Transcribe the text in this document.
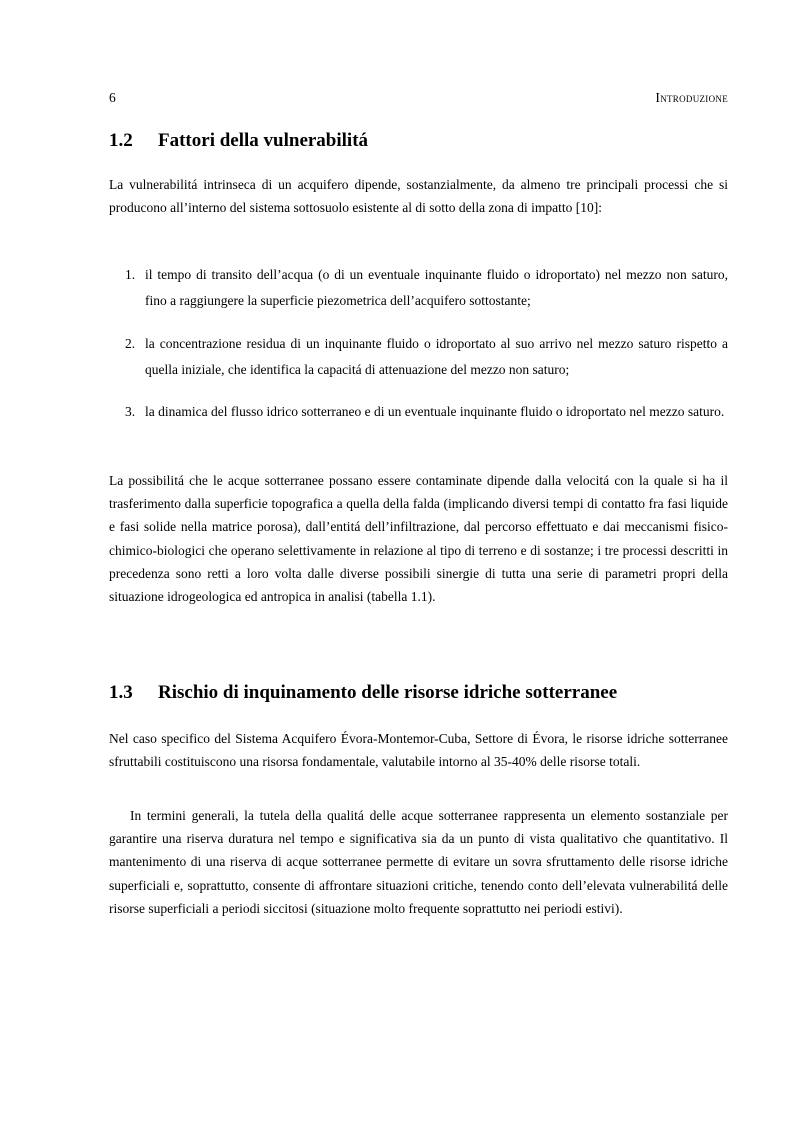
6	Introduzione
1.2 Fattori della vulnerabilitá

La vulnerabilitá intrinseca di un acquifero dipende, sostanzialmente, da almeno tre principali processi che si producono all’interno del sistema sottosuolo esistente al di sotto della zona di impatto [10]:

1. il tempo di transito dell’acqua (o di un eventuale inquinante fluido o idroportato) nel mezzo non saturo, fino a raggiungere la superficie piezometrica dell’acquifero sottostante;
2. la concentrazione residua di un inquinante fluido o idroportato al suo arrivo nel mezzo saturo rispetto a quella iniziale, che identifica la capacitá di attenuazione del mezzo non saturo;
3. la dinamica del flusso idrico sotterraneo e di un eventuale inquinante fluido o idroportato nel mezzo saturo.

La possibilitá che le acque sotterranee possano essere contaminate dipende dalla velocitá con la quale si ha il trasferimento dalla superficie topografica a quella della falda (implicando diversi tempi di contatto fra fasi liquide e fasi solide nella matrice porosa), dall’entitá dell’infiltrazione, dal percorso effettuato e dai meccanismi fisico-chimico-biologici che operano selettivamente in relazione al tipo di terreno e di sostanze; i tre processi descritti in precedenza sono retti a loro volta dalle diverse possibili sinergie di tutta una serie di parametri propri della situazione idrogeologica ed antropica in analisi (tabella 1.1).

1.3 Rischio di inquinamento delle risorse idriche sotterranee

Nel caso specifico del Sistema Acquifero Évora-Montemor-Cuba, Settore di Évora, le risorse idriche sotterranee sfruttabili costituiscono una risorsa fondamentale, valutabile intorno al 35-40% delle risorse totali.

In termini generali, la tutela della qualitá delle acque sotterranee rappresenta un elemento sostanziale per garantire una riserva duratura nel tempo e significativa sia da un punto di vista qualitativo che quantitativo. Il mantenimento di una riserva di acque sotterranee permette di evitare un sovra sfruttamento delle risorse idriche superficiali e, soprattutto, consente di affrontare situazioni critiche, tenendo conto dell’elevata vulnerabilitá delle risorse superficiali a periodi siccitosi (situazione molto frequente soprattutto nei periodi estivi).
